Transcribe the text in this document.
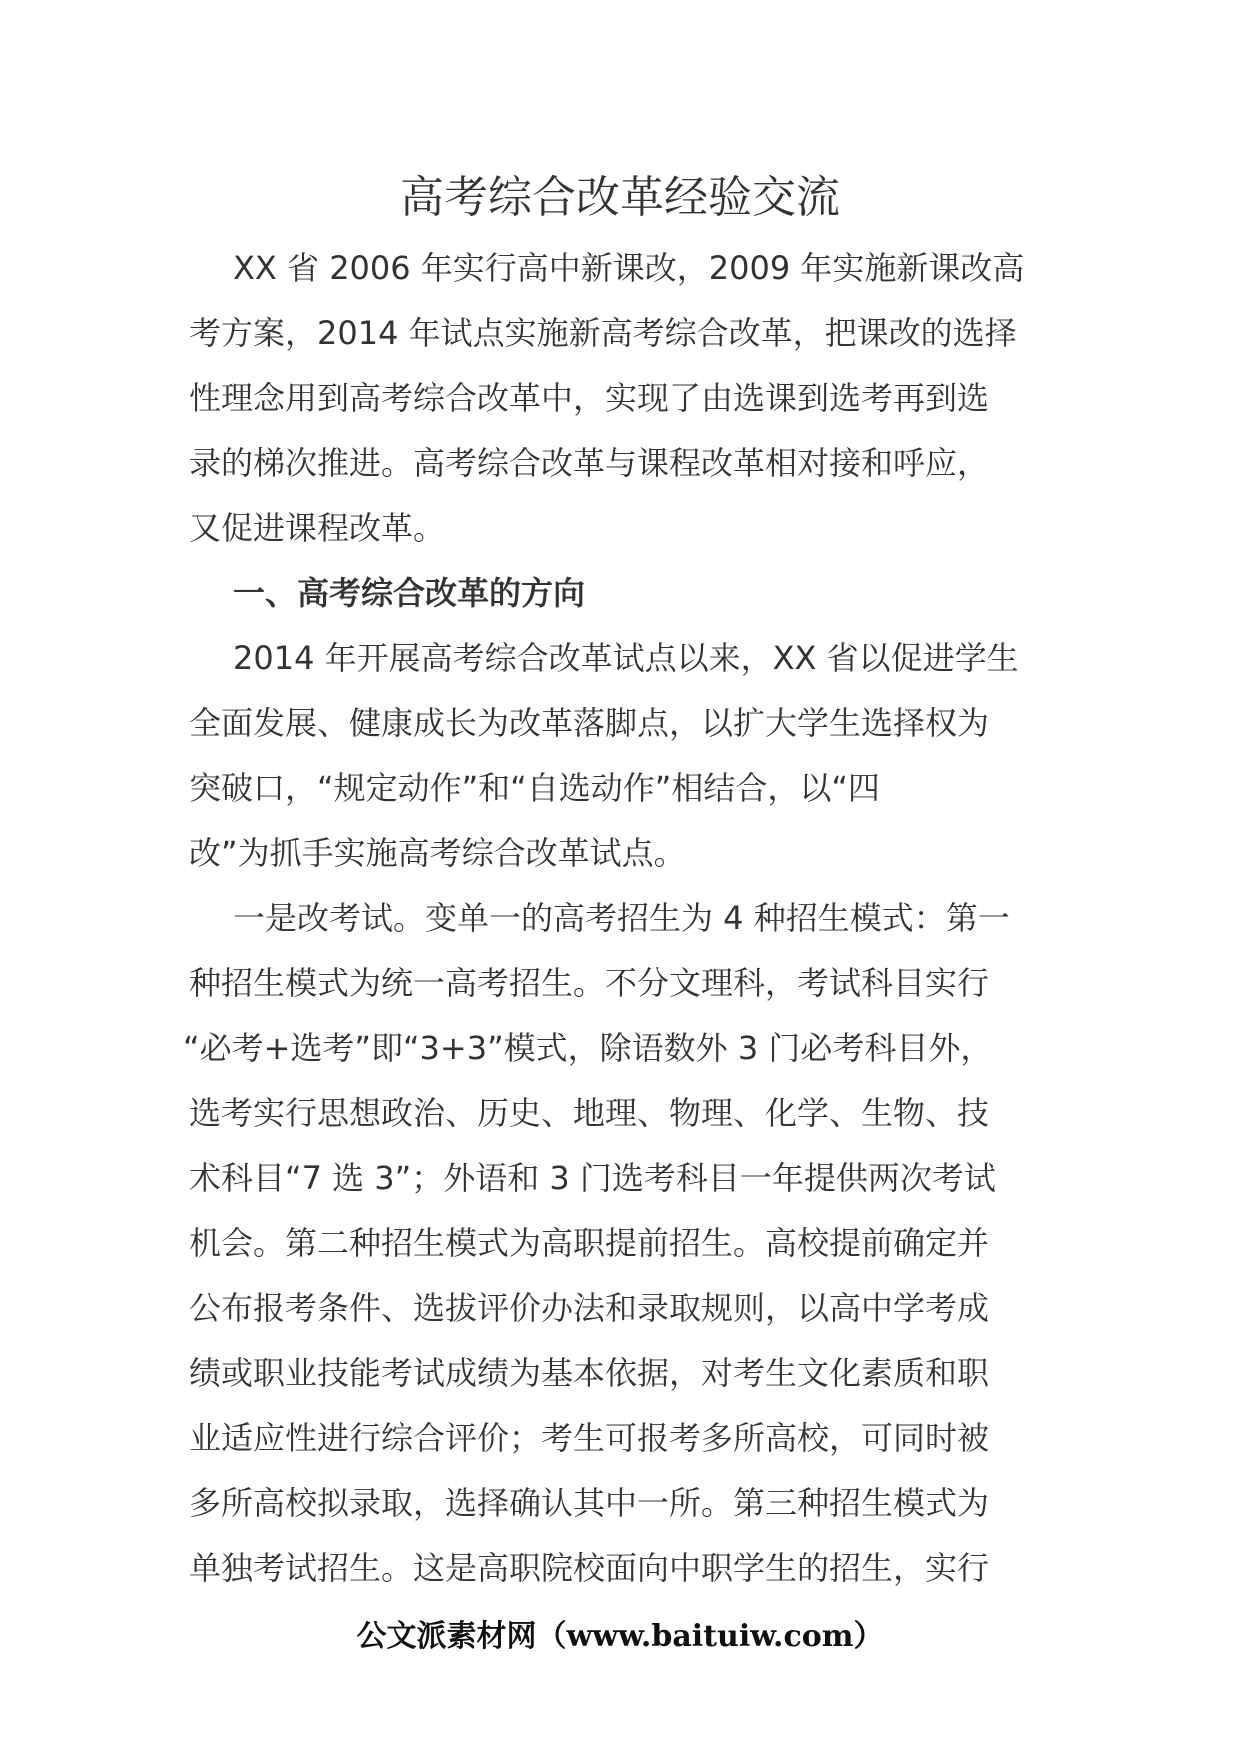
高考综合改革经验交流
XX 省 2006 年实行高中新课改，2009 年实施新课改高
考方案，2014 年试点实施新高考综合改革，把课改的选择
性理念用到高考综合改革中，实现了由选课到选考再到选
录的梯次推进。高考综合改革与课程改革相对接和呼应，
又促进课程改革。
一、高考综合改革的方向
2014 年开展高考综合改革试点以来，XX 省以促进学生
全面发展、健康成长为改革落脚点，以扩大学生选择权为
突破口，“规定动作”和“自选动作”相结合，以“四
改”为抓手实施高考综合改革试点。
一是改考试。变单一的高考招生为 4 种招生模式：第一
种招生模式为统一高考招生。不分文理科，考试科目实行
“必考+选考”即“3+3”模式，除语数外 3 门必考科目外，
选考实行思想政治、历史、地理、物理、化学、生物、技
术科目“7 选 3”；外语和 3 门选考科目一年提供两次考试
机会。第二种招生模式为高职提前招生。高校提前确定并
公布报考条件、选拔评价办法和录取规则，以高中学考成
绩或职业技能考试成绩为基本依据，对考生文化素质和职
业适应性进行综合评价；考生可报考多所高校，可同时被
多所高校拟录取，选择确认其中一所。第三种招生模式为
单独考试招生。这是高职院校面向中职学生的招生，实行
公文派素材网（www.baituiw.com）
